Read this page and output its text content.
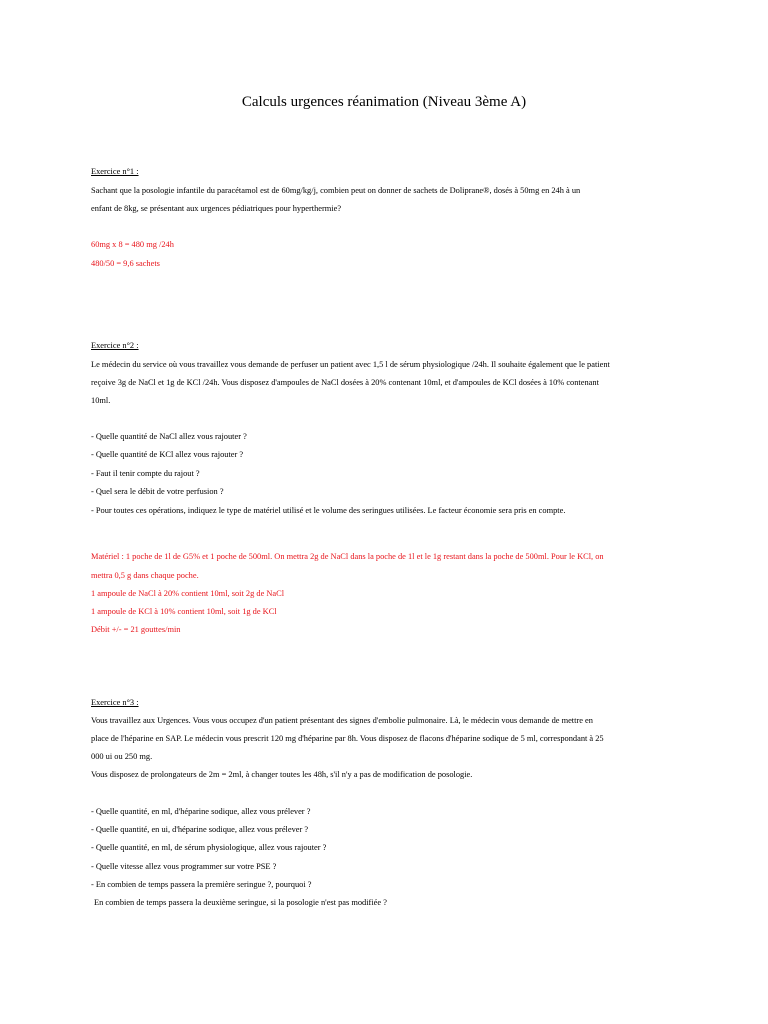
Calculs urgences réanimation (Niveau 3ème A)
Exercice n°1 :
Sachant que la posologie infantile du paracétamol est de 60mg/kg/j, combien peut on donner de sachets de Doliprane®, dosés à 50mg en 24h à un
enfant de 8kg, se présentant aux urgences pédiatriques pour hyperthermie?
60mg x 8 = 480 mg /24h
480/50 = 9,6 sachets
Exercice n°2 :
Le médecin du service où vous travaillez vous demande de perfuser un patient avec 1,5 l de sérum physiologique /24h. Il souhaite également que le patient
reçoive 3g de NaCl et 1g de KCl /24h. Vous disposez d'ampoules de NaCl dosées à 20% contenant 10ml, et d'ampoules de KCl dosées à 10% contenant
10ml.
- Quelle quantité de NaCl allez vous rajouter ?
- Quelle quantité de KCl allez vous rajouter ?
- Faut il tenir compte du rajout ?
- Quel sera le débit de votre perfusion ?
- Pour toutes ces opérations, indiquez le type de matériel utilisé et le volume des seringues utilisées. Le facteur économie sera pris en compte.
Matériel : 1 poche de 1l de G5% et 1 poche de 500ml. On mettra 2g de NaCl dans la poche de 1l et le 1g restant dans la poche de 500ml. Pour le KCl, on
mettra 0,5 g dans chaque poche.
1 ampoule de NaCl à 20% contient 10ml, soit 2g de NaCl
1 ampoule de KCl à 10% contient 10ml, soit 1g de KCl
Débit +/- = 21 gouttes/min
Exercice n°3 :
Vous travaillez aux Urgences. Vous vous occupez d'un patient présentant des signes d'embolie pulmonaire. Là, le médecin vous demande de mettre en
place de l'héparine en SAP. Le médecin vous prescrit 120 mg d'héparine par 8h. Vous disposez de flacons d'héparine sodique de 5 ml, correspondant à 25
000 ui ou 250 mg.
Vous disposez de prolongateurs de 2m = 2ml, à changer toutes les 48h, s'il n'y a pas de modification de posologie.
- Quelle quantité, en ml, d'héparine sodique, allez vous prélever ?
- Quelle quantité, en ui, d'héparine sodique, allez vous prélever ?
- Quelle quantité, en ml, de sérum physiologique, allez vous rajouter ?
- Quelle vitesse allez vous programmer sur votre PSE ?
- En combien de temps passera la première seringue ?, pourquoi ?
En combien de temps passera la deuxième seringue, si la posologie n'est pas modifiée ?
